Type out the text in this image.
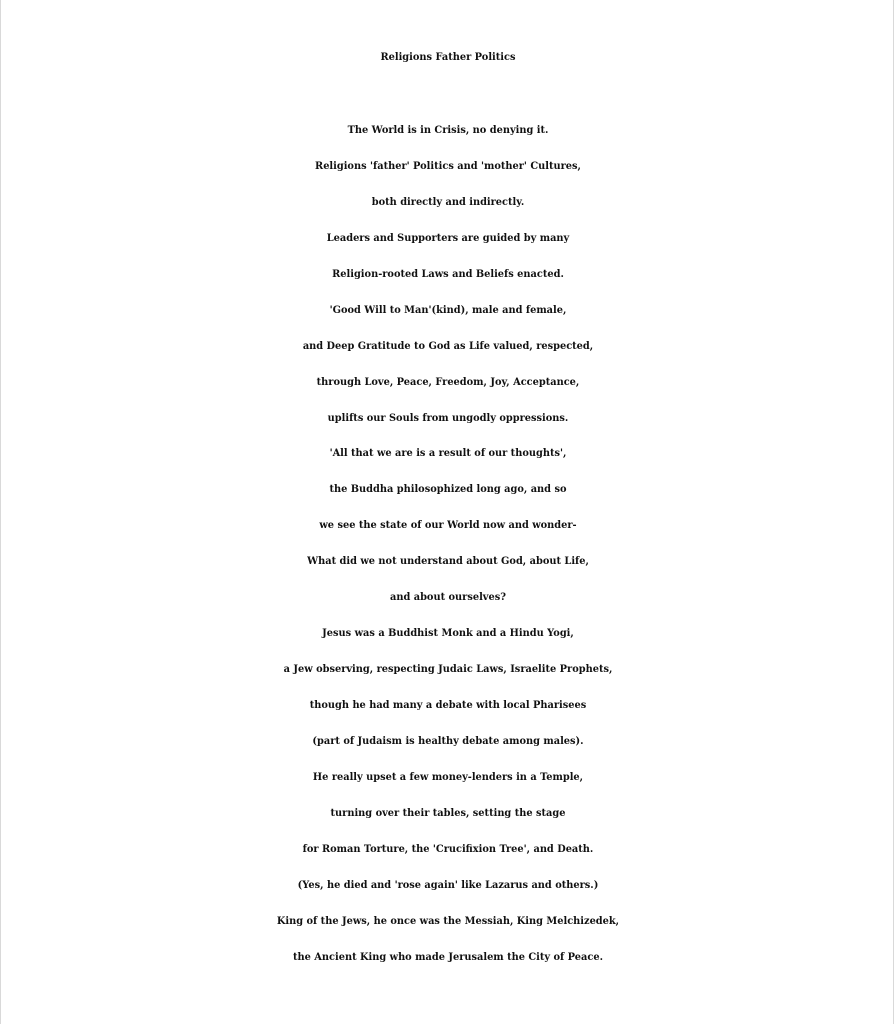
Religions Father Politics
The World is in Crisis, no denying it.
Religions 'father' Politics and 'mother' Cultures,
both directly and indirectly.
Leaders and Supporters are guided by many
Religion-rooted Laws and Beliefs enacted.
'Good Will to Man'(kind), male and female,
and Deep Gratitude to God as Life valued, respected,
through Love, Peace, Freedom, Joy, Acceptance,
uplifts our Souls from ungodly oppressions.
'All that we are is a result of our thoughts',
the Buddha philosophized long ago, and so
we see the state of our World now and wonder-
What did we not understand about God, about Life,
and about ourselves?
Jesus was a Buddhist Monk and a Hindu Yogi,
a Jew observing, respecting Judaic Laws, Israelite Prophets,
though he had many a debate with local Pharisees
(part of Judaism is healthy debate among males).
He really upset a few money-lenders in a Temple,
turning over their tables, setting the stage
for Roman Torture, the 'Crucifixion Tree', and Death.
(Yes, he died and 'rose again' like Lazarus and others.)
King of the Jews, he once was the Messiah, King Melchizedek,
the Ancient King who made Jerusalem the City of Peace.
